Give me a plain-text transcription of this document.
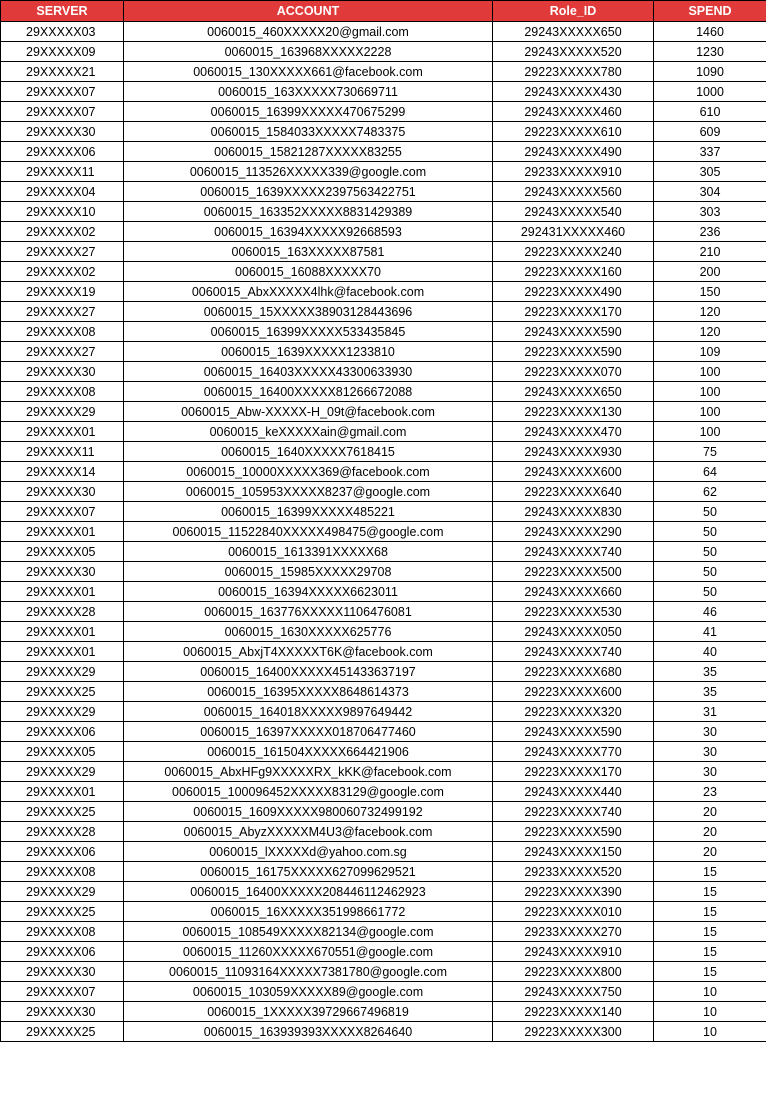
SERVER	ACCOUNT	Role_ID	SPEND
29XXXXX03	0060015_460XXXXX20@gmail.com	29243XXXXX650	1460
29XXXXX09	0060015_163968XXXXX2228	29243XXXXX520	1230
29XXXXX21	0060015_130XXXXX661@facebook.com	29223XXXXX780	1090
29XXXXX07	0060015_163XXXXX730669711	29243XXXXX430	1000
29XXXXX07	0060015_16399XXXXX470675299	29243XXXXX460	610
29XXXXX30	0060015_1584033XXXXX7483375	29223XXXXX610	609
29XXXXX06	0060015_15821287XXXXX83255	29243XXXXX490	337
29XXXXX11	0060015_113526XXXXX339@google.com	29233XXXXX910	305
29XXXXX04	0060015_1639XXXXX2397563422751	29243XXXXX560	304
29XXXXX10	0060015_163352XXXXX8831429389	29243XXXXX540	303
29XXXXX02	0060015_16394XXXXX92668593	292431XXXXX460	236
29XXXXX27	0060015_163XXXXX87581	29223XXXXX240	210
29XXXXX02	0060015_16088XXXXX70	29223XXXXX160	200
29XXXXX19	0060015_AbxXXXXX4lhk@facebook.com	29223XXXXX490	150
29XXXXX27	0060015_15XXXXX38903128443696	29223XXXXX170	120
29XXXXX08	0060015_16399XXXXX533435845	29243XXXXX590	120
29XXXXX27	0060015_1639XXXXX1233810	29223XXXXX590	109
29XXXXX30	0060015_16403XXXXX43300633930	29223XXXXX070	100
29XXXXX08	0060015_16400XXXXX81266672088	29243XXXXX650	100
29XXXXX29	0060015_Abw-XXXXX-H_09t@facebook.com	29223XXXXX130	100
29XXXXX01	0060015_keXXXXXain@gmail.com	29243XXXXX470	100
29XXXXX11	0060015_1640XXXXX7618415	29243XXXXX930	75
29XXXXX14	0060015_10000XXXXX369@facebook.com	29243XXXXX600	64
29XXXXX30	0060015_105953XXXXX8237@google.com	29223XXXXX640	62
29XXXXX07	0060015_16399XXXXX485221	29243XXXXX830	50
29XXXXX01	0060015_11522840XXXXX498475@google.com	29243XXXXX290	50
29XXXXX05	0060015_1613391XXXXX68	29243XXXXX740	50
29XXXXX30	0060015_15985XXXXX29708	29223XXXXX500	50
29XXXXX01	0060015_16394XXXXX6623011	29243XXXXX660	50
29XXXXX28	0060015_163776XXXXX1106476081	29223XXXXX530	46
29XXXXX01	0060015_1630XXXXX625776	29243XXXXX050	41
29XXXXX01	0060015_AbxjT4XXXXXT6K@facebook.com	29243XXXXX740	40
29XXXXX29	0060015_16400XXXXX451433637197	29223XXXXX680	35
29XXXXX25	0060015_16395XXXXX8648614373	29223XXXXX600	35
29XXXXX29	0060015_164018XXXXX9897649442	29223XXXXX320	31
29XXXXX06	0060015_16397XXXXX018706477460	29243XXXXX590	30
29XXXXX05	0060015_161504XXXXX664421906	29243XXXXX770	30
29XXXXX29	0060015_AbxHFg9XXXXXRX_kKK@facebook.com	29223XXXXX170	30
29XXXXX01	0060015_100096452XXXXX83129@google.com	29243XXXXX440	23
29XXXXX25	0060015_1609XXXXX980060732499192	29223XXXXX740	20
29XXXXX28	0060015_AbyzXXXXXM4U3@facebook.com	29223XXXXX590	20
29XXXXX06	0060015_lXXXXXd@yahoo.com.sg	29243XXXXX150	20
29XXXXX08	0060015_16175XXXXX627099629521	29233XXXXX520	15
29XXXXX29	0060015_16400XXXXX208446112462923	29223XXXXX390	15
29XXXXX25	0060015_16XXXXX351998661772	29223XXXXX010	15
29XXXXX08	0060015_108549XXXXX82134@google.com	29233XXXXX270	15
29XXXXX06	0060015_11260XXXXX670551@google.com	29243XXXXX910	15
29XXXXX30	0060015_11093164XXXXX7381780@google.com	29223XXXXX800	15
29XXXXX07	0060015_103059XXXXX89@google.com	29243XXXXX750	10
29XXXXX30	0060015_1XXXXX39729667496819	29223XXXXX140	10
29XXXXX25	0060015_163939393XXXXX8264640	29223XXXXX300	10
